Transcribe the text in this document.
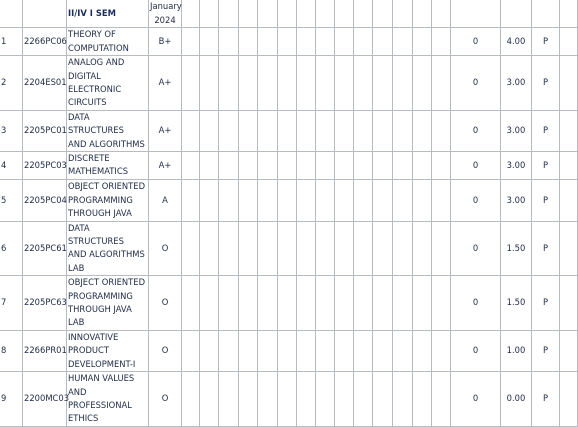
		II/IV I SEM	January
2024																		

1	2266PC06	THEORY OF
COMPUTATION	B+															0	4.00	P	
2	2204ES01	ANALOG AND
DIGITAL
ELECTRONIC
CIRCUITS	A+															0	3.00	P	
3	2205PC01	DATA STRUCTURES
AND ALGORITHMS	A+															0	3.00	P	
4	2205PC03	DISCRETE
MATHEMATICS	A+															0	3.00	P	
5	2205PC04	OBJECT ORIENTED
PROGRAMMING
THROUGH JAVA	A															0	3.00	P	
6	2205PC61	DATA STRUCTURES
AND ALGORITHMS
LAB	O															0	1.50	P	
7	2205PC63	OBJECT ORIENTED
PROGRAMMING
THROUGH JAVA
LAB	O															0	1.50	P	
8	2266PR01	INNOVATIVE
PRODUCT
DEVELOPMENT-I	O															0	1.00	P	
9	2200MC03	HUMAN VALUES
AND
PROFESSIONAL
ETHICS	O															0	0.00	P	
